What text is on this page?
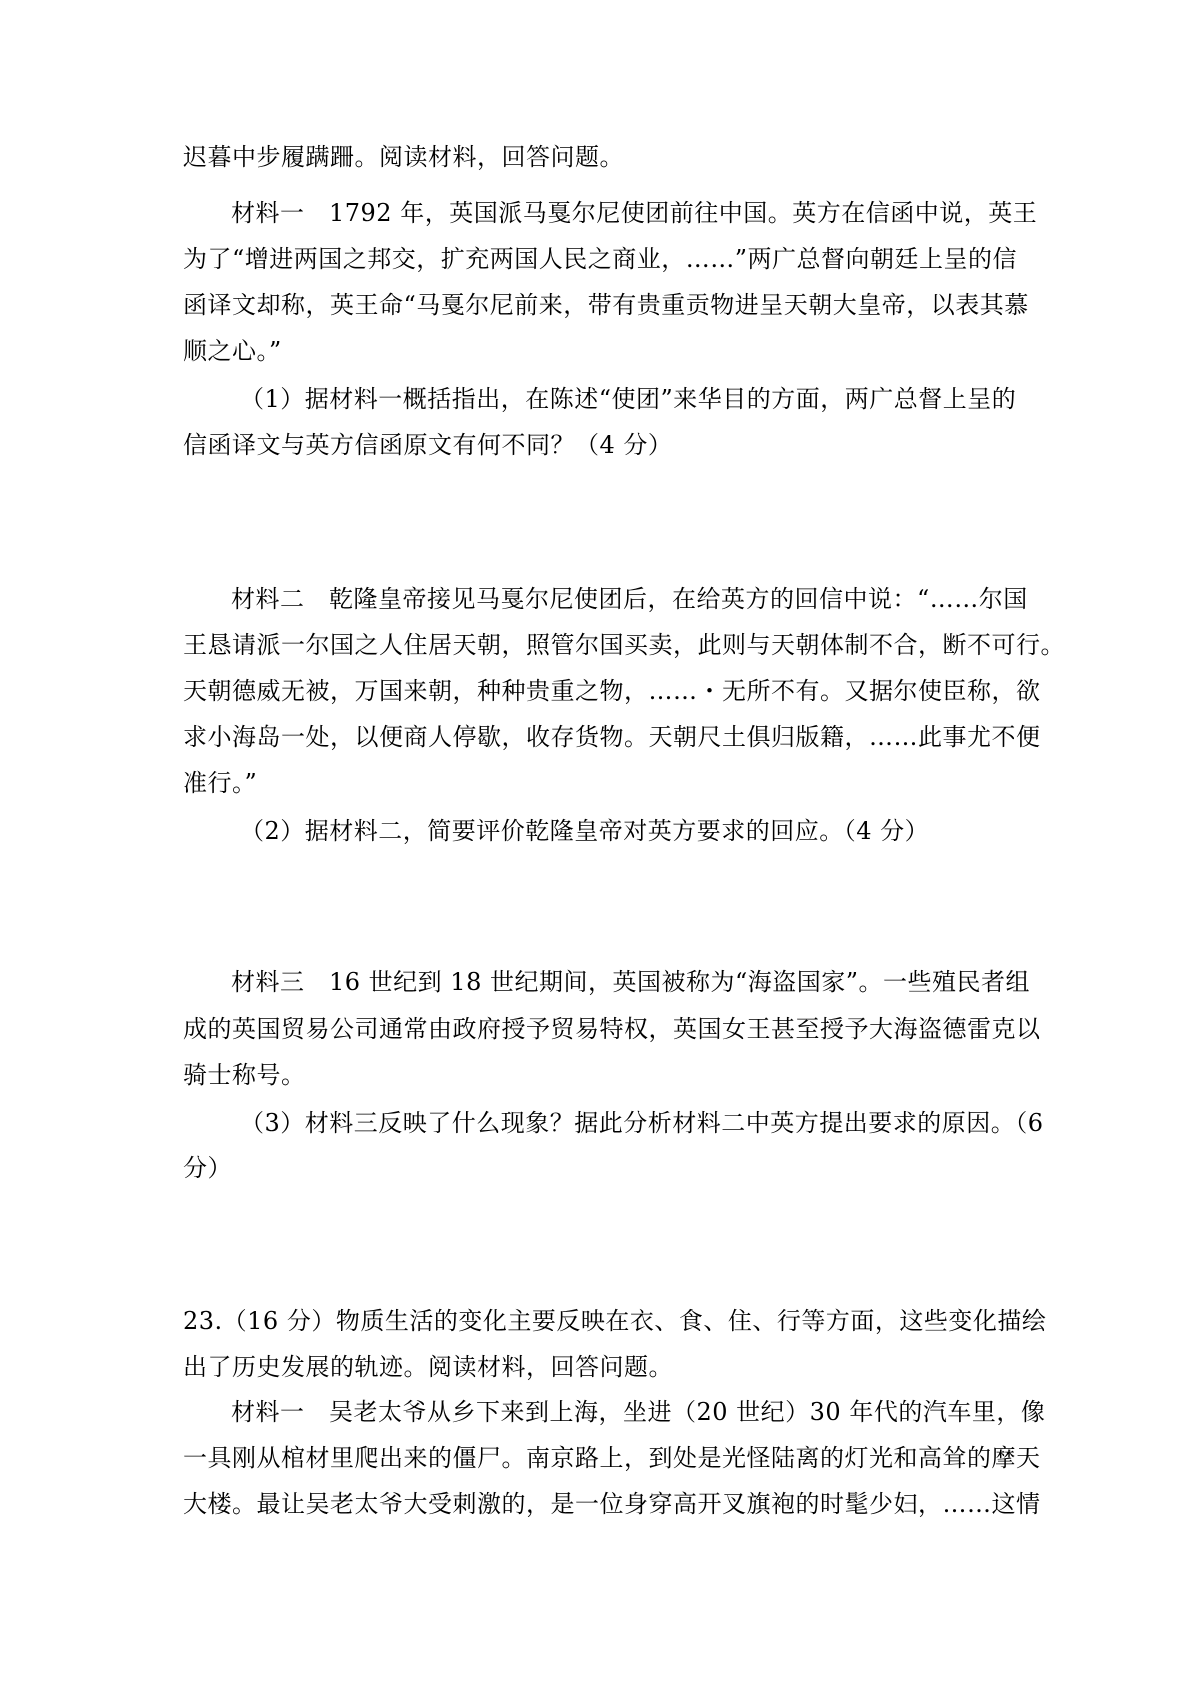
迟暮中步履蹒跚。阅读材料，回答问题。
材料一　1792 年，英国派马戛尔尼使团前往中国。英方在信函中说，英王
为了“增进两国之邦交，扩充两国人民之商业，……”两广总督向朝廷上呈的信
函译文却称，英王命“马戛尔尼前来，带有贵重贡物进呈天朝大皇帝，以表其慕
顺之心。”
（1）据材料一概括指出，在陈述“使团”来华目的方面，两广总督上呈的
信函译文与英方信函原文有何不同？（4 分）
材料二　乾隆皇帝接见马戛尔尼使团后，在给英方的回信中说：“……尔国
王恳请派一尔国之人住居天朝，照管尔国买卖，此则与天朝体制不合，断不可行。
天朝德威无被，万国来朝，种种贵重之物，……・无所不有。又据尔使臣称，欲
求小海岛一处，以便商人停歇，收存货物。天朝尺土俱归版籍，……此事尤不便
准行。”
（2）据材料二，简要评价乾隆皇帝对英方要求的回应。（4 分）
材料三　16 世纪到 18 世纪期间，英国被称为“海盗国家”。一些殖民者组
成的英国贸易公司通常由政府授予贸易特权，英国女王甚至授予大海盗德雷克以
骑士称号。
（3）材料三反映了什么现象？据此分析材料二中英方提出要求的原因。（6
分）
23.（16 分）物质生活的变化主要反映在衣、食、住、行等方面，这些变化描绘
出了历史发展的轨迹。阅读材料，回答问题。
材料一　吴老太爷从乡下来到上海，坐进（20 世纪）30 年代的汽车里，像
一具刚从棺材里爬出来的僵尸。南京路上，到处是光怪陆离的灯光和高耸的摩天
大楼。最让吴老太爷大受刺激的，是一位身穿高开叉旗袍的时髦少妇，……这情
